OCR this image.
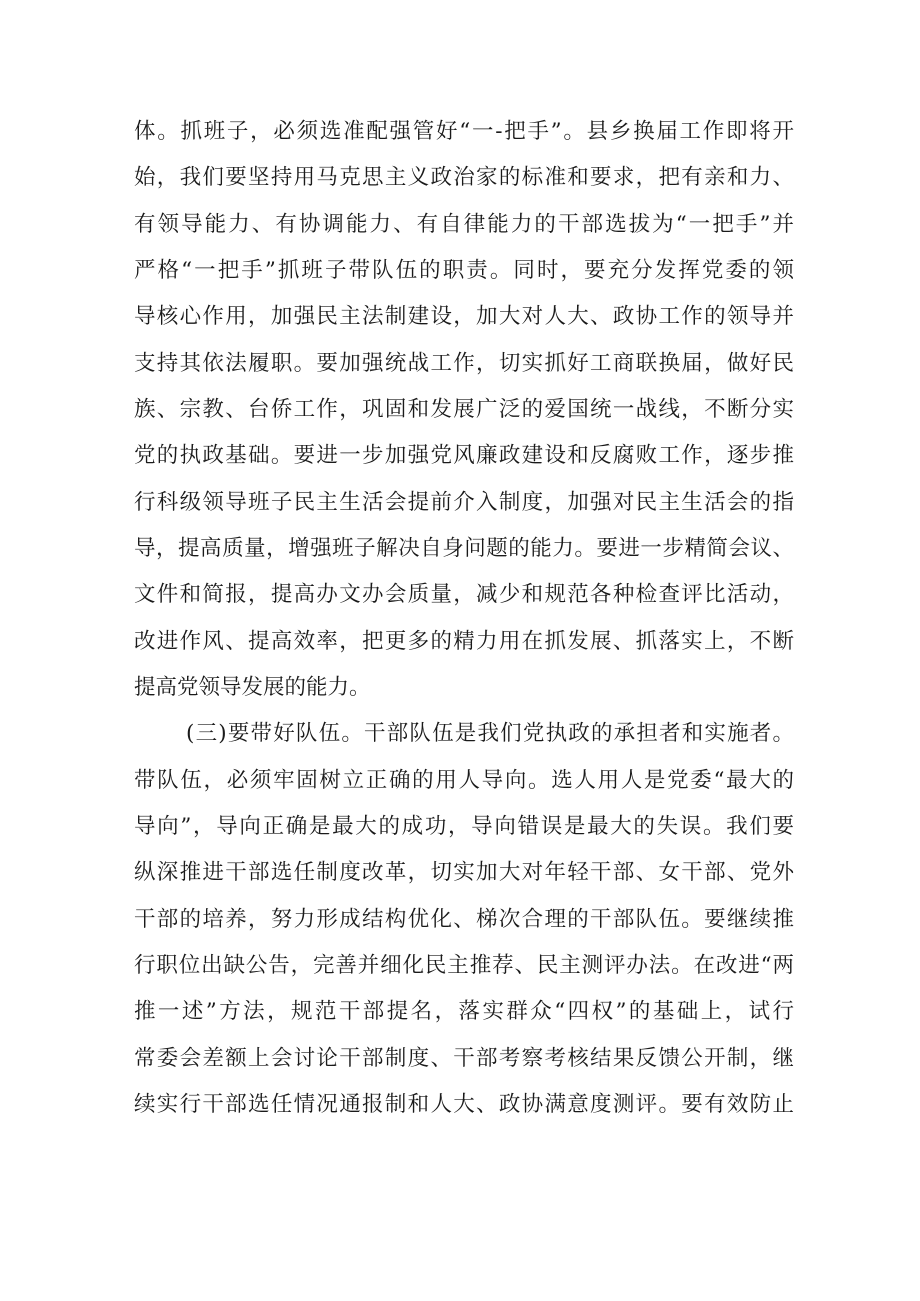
体。抓班子，必须选准配强管好“一-把手”。县乡换届工作即将开
始，我们要坚持用马克思主义政治家的标准和要求，把有亲和力、
有领导能力、有协调能力、有自律能力的干部选拔为“一把手”并
严格“一把手”抓班子带队伍的职责。同时，要充分发挥党委的领
导核心作用，加强民主法制建设，加大对人大、政协工作的领导并
支持其依法履职。要加强统战工作，切实抓好工商联换届，做好民
族、宗教、台侨工作，巩固和发展广泛的爱国统一战线，不断分实
党的执政基础。要进一步加强党风廉政建设和反腐败工作，逐步推
行科级领导班子民主生活会提前介入制度，加强对民主生活会的指
导，提高质量，增强班子解决自身问题的能力。要进一步精简会议、
文件和简报，提高办文办会质量，减少和规范各种检查评比活动，
改进作风、提高效率，把更多的精力用在抓发展、抓落实上，不断
提高党领导发展的能力。
(三)要带好队伍。干部队伍是我们党执政的承担者和实施者。
带队伍，必须牢固树立正确的用人导向。选人用人是党委“最大的
导向”，导向正确是最大的成功，导向错误是最大的失误。我们要
纵深推进干部选任制度改革，切实加大对年轻干部、女干部、党外
干部的培养，努力形成结构优化、梯次合理的干部队伍。要继续推
行职位出缺公告，完善并细化民主推荐、民主测评办法。在改进“两
推一述”方法，规范干部提名，落实群众“四权”的基础上，试行
常委会差额上会讨论干部制度、干部考察考核结果反馈公开制，继
续实行干部选任情况通报制和人大、政协满意度测评。要有效防止
